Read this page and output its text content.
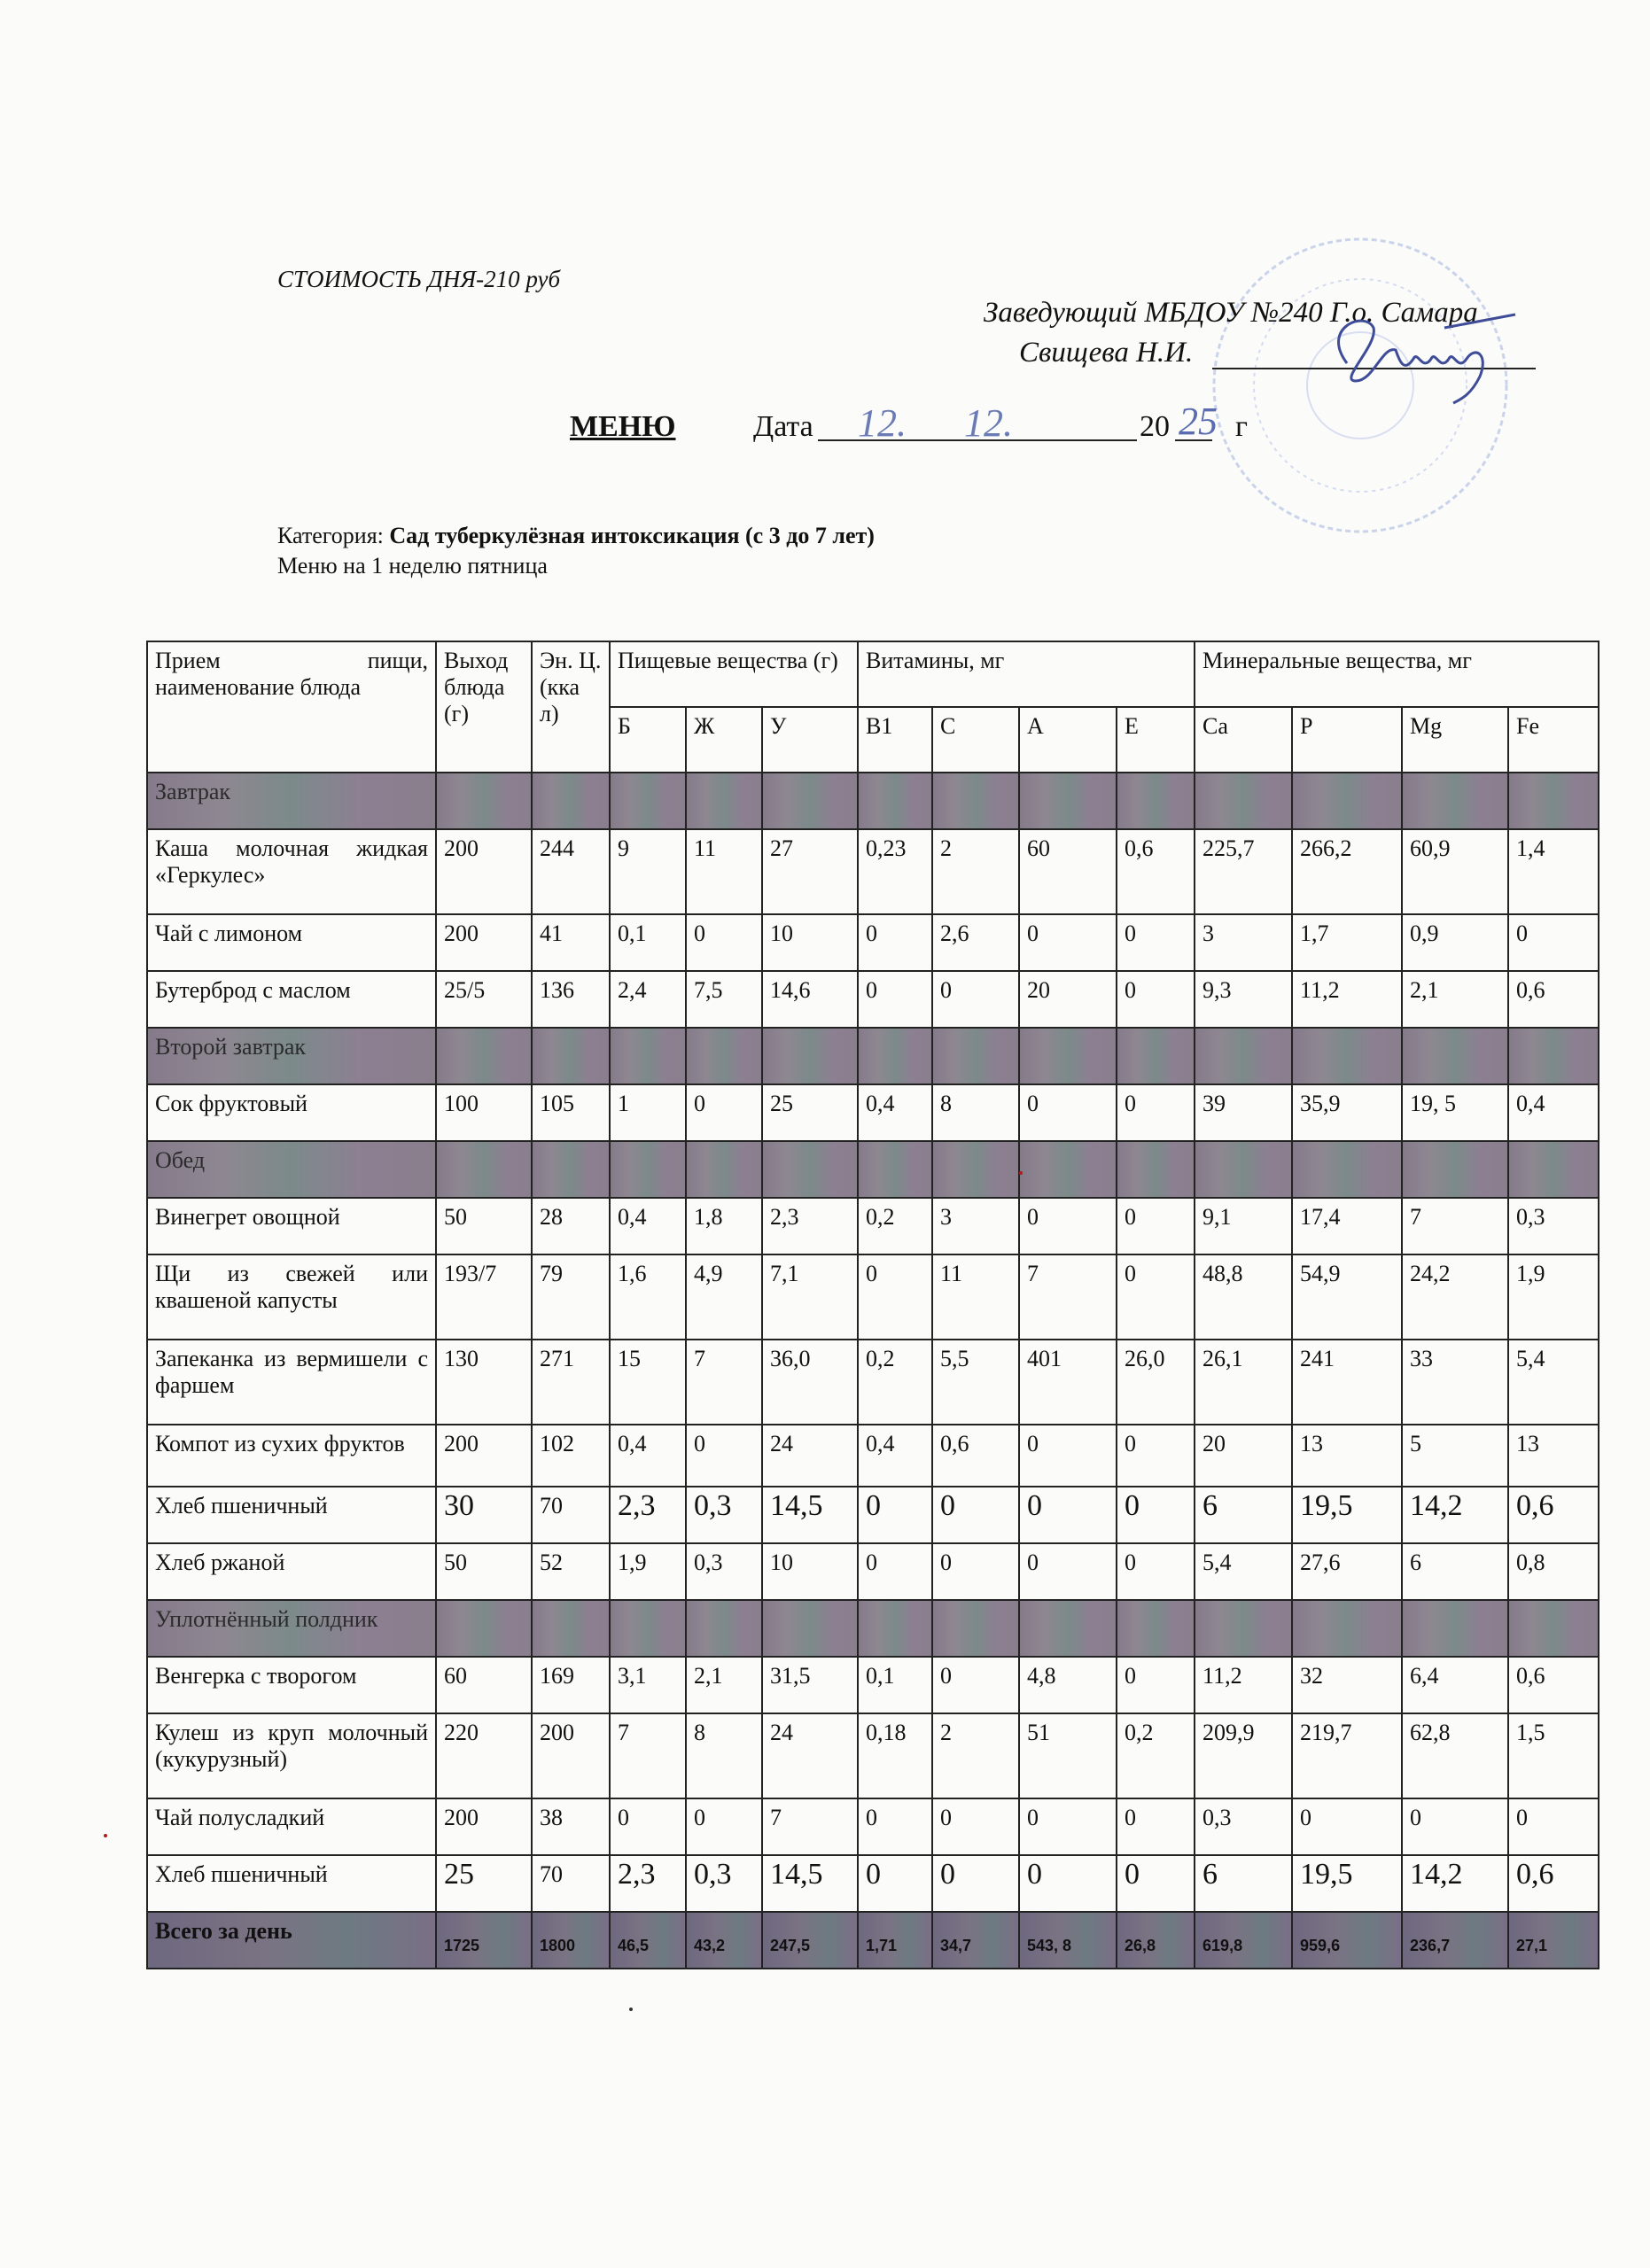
СТОИМОСТЬ ДНЯ-210 руб
Заведующий МБДОУ №240 Г.о. Самара
Свищева Н.И.
МЕНЮ	Дата 12. 12.	20 25 г
Категория: Сад туберкулёзная интоксикация (с 3 до 7 лет)
Меню на 1 неделю пятница
Прием пищи, наименование блюда	Выход блюда (г)	Эн. Ц. (кка л)	Пищевые вещества (г)			Витамины, мг				Минеральные вещества, мг			
			Б	Ж	У	B1	С	А	Е	Са	Р	Mg	Fe
Завтрак													
Каша молочная жидкая «Геркулес»	200	244	9	11	27	0,23	2	60	0,6	225,7	266,2	60,9	1,4
Чай с лимоном	200	41	0,1	0	10	0	2,6	0	0	3	1,7	0,9	0
Бутерброд с маслом	25/5	136	2,4	7,5	14,6	0	0	20	0	9,3	11,2	2,1	0,6
Второй завтрак													
Сок фруктовый	100	105	1	0	25	0,4	8	0	0	39	35,9	19, 5	0,4
Обед													
Винегрет овощной	50	28	0,4	1,8	2,3	0,2	3	0	0	9,1	17,4	7	0,3
Щи из свежей или квашеной капусты	193/7	79	1,6	4,9	7,1	0	11	7	0	48,8	54,9	24,2	1,9
Запеканка из вермишели с фаршем	130	271	15	7	36,0	0,2	5,5	401	26,0	26,1	241	33	5,4
Компот из сухих фруктов	200	102	0,4	0	24	0,4	0,6	0	0	20	13	5	13
Хлеб пшеничный	30	70	2,3	0,3	14,5	0	0	0	0	6	19,5	14,2	0,6
Хлеб ржаной	50	52	1,9	0,3	10	0	0	0	0	5,4	27,6	6	0,8
Уплотнённый полдник													
Венгерка с творогом	60	169	3,1	2,1	31,5	0,1	0	4,8	0	11,2	32	6,4	0,6
Кулеш из круп молочный (кукурузный)	220	200	7	8	24	0,18	2	51	0,2	209,9	219,7	62,8	1,5
Чай полусладкий	200	38	0	0	7	0	0	0	0	0,3	0	0	0
Хлеб пшеничный	25	70	2,3	0,3	14,5	0	0	0	0	6	19,5	14,2	0,6
Всего за день	1725	1800	46,5	43,2	247,5	1,71	34,7	543, 8	26,8	619,8	959,6	236,7	27,1
